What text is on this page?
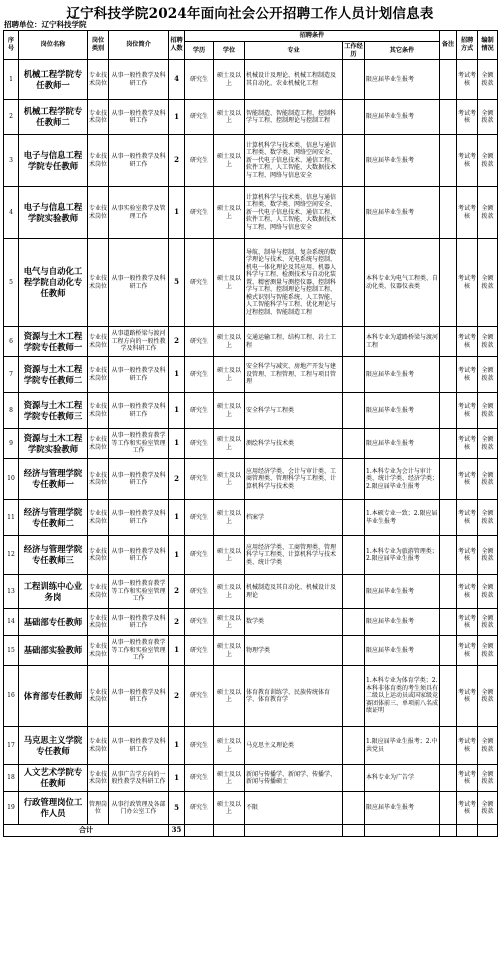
辽宁科技学院2024年面向社会公开招聘工作人员计划信息表
招聘单位：辽宁科技学院
序号	岗位名称	岗位类别	岗位简介	招聘人数	招聘条件					备注	招聘方式	编制情况
					学历	学位	专业	工作经历	其它条件			
1	机械工程学院专任教师一	专业技术岗位	从事一般性教学及科研工作	4	研究生	硕士及以上	机械设计及理论、机械工程制造及其自动化、农业机械化工程		限应届毕业生报考		考试考核	全额拨款
2	机械工程学院专任教师二	专业技术岗位	从事一般性教学及科研工作	1	研究生	硕士及以上	智能制造、智能制造工程、控制科学与工程、控制理论与控制工程		限应届毕业生报考		考试考核	全额拨款
3	电子与信息工程学院专任教师	专业技术岗位	从事一般性教学及科研工作	2	研究生	硕士及以上	计算机科学与技术类、信息与通信工程类、数学类、网络空间安全、新一代电子信息技术、通信工程、软件工程、人工智能、大数据技术与工程、网络与信息安全		限应届毕业生报考		考试考核	全额拨款
4	电子与信息工程学院实验教师	专业技术岗位	从事实验室教学及管理工作	1	研究生	硕士及以上	计算机科学与技术类、信息与通信工程类、数学类、网络空间安全、新一代电子信息技术、通信工程、软件工程、人工智能、大数据技术与工程、网络与信息安全		限应届毕业生报考		考试考核	全额拨款
5	电气与自动化工程学院自动化专任教师	专业技术岗位	从事一般性教学及科研工作	5	研究生	硕士及以上	导航、制导与控制、复杂系统的数学理论与技术、光电系统与控制、机电一体化理论及其应用、机器人科学与工程、检测技术与自动化装置、精密测量与测控仪器、控制科学与工程、控制理论与控制工程、模式识别与智能系统、人工智能、人工智能科学与工程、优化理论与过程控制、智能制造工程		本科专业为电气工程类、自动化类、仪器仪表类		考试考核	全额拨款
6	资源与土木工程学院专任教师一	专业技术岗位	从事道路桥梁与渡河工程方向的一般性教学及科研工作	2	研究生	硕士及以上	交通运输工程、结构工程、岩土工程		本科专业为道路桥梁与渡河工程		考试考核	全额拨款
7	资源与土木工程学院专任教师二	专业技术岗位	从事一般性教学及科研工作	1	研究生	硕士及以上	安全科学与减灾、房地产开发与建设管理、工程管理、工程与项目管理		限应届毕业生报考		考试考核	全额拨款
8	资源与土木工程学院专任教师三	专业技术岗位	从事一般性教学及科研工作	1	研究生	硕士及以上	安全科学与工程类		限应届毕业生报考		考试考核	全额拨款
9	资源与土木工程学院实验教师	专业技术岗位	从事一般性教育教学等工作和实验室管理工作	1	研究生	硕士及以上	测绘科学与技术类		限应届毕业生报考		考试考核	全额拨款
10	经济与管理学院专任教师一	专业技术岗位	从事一般性教学及科研工作	2	研究生	硕士及以上	应用经济学类、会计与审计类、工商管理类、管理科学与工程类、计算机科学与技术类		1.本科专业为会计与审计类、统计学类、经济学类；2.限应届毕业生报考		考试考核	全额拨款
11	经济与管理学院专任教师二	专业技术岗位	从事一般性教学及科研工作	1	研究生	硕士及以上	档案学		1.本硕专业一致；2.限应届毕业生报考		考试考核	全额拨款
12	经济与管理学院专任教师三	专业技术岗位	从事一般性教学及科研工作	1	研究生	硕士及以上	应用经济学类、工商管理类、管理科学与工程类、计算机科学与技术类、统计学类		1.本科专业为旅游管理类；2.限应届毕业生报考		考试考核	全额拨款
13	工程训练中心业务岗	专业技术岗位	从事一般性教育教学等工作和实验室管理工作	2	研究生	硕士及以上	机械制造及其自动化、机械设计及理论		限应届毕业生报考		考试考核	全额拨款
14	基础部专任教师	专业技术岗位	从事一般性教学及科研工作	2	研究生	硕士及以上	数学类		限应届毕业生报考		考试考核	全额拨款
15	基础部实验教师	专业技术岗位	从事一般性教育教学等工作和实验室管理工作	1	研究生	硕士及以上	物理学类		限应届毕业生报考		考试考核	全额拨款
16	体育部专任教师	专业技术岗位	从事一般性教学及科研工作	2	研究生	硕士及以上	体育教育训练学、民族传统体育学、体育教育学		1.本科专业为体育学类；2.本科非体育类的考生须具有二级以上运动员或国家级竞赛团体前三、单项前八名成绩证明		考试考核	全额拨款
17	马克思主义学院专任教师	专业技术岗位	从事一般性教学及科研工作	1	研究生	硕士及以上	马克思主义理论类		1.限应届毕业生报考；2.中共党员		考试考核	全额拨款
18	人文艺术学院专任教师	专业技术岗位	从事广告学方向的一般性教学及科研工作	1	研究生	硕士及以上	新闻与传播学、新闻学、传播学、新闻与传播硕士		本科专业为广告学		考试考核	全额拨款
19	行政管理岗位工作人员	管理岗位	从事行政管理及各部门办公室工作	5	研究生	硕士及以上	不限		限应届毕业生报考		考试考核	全额拨款
合计				35								
